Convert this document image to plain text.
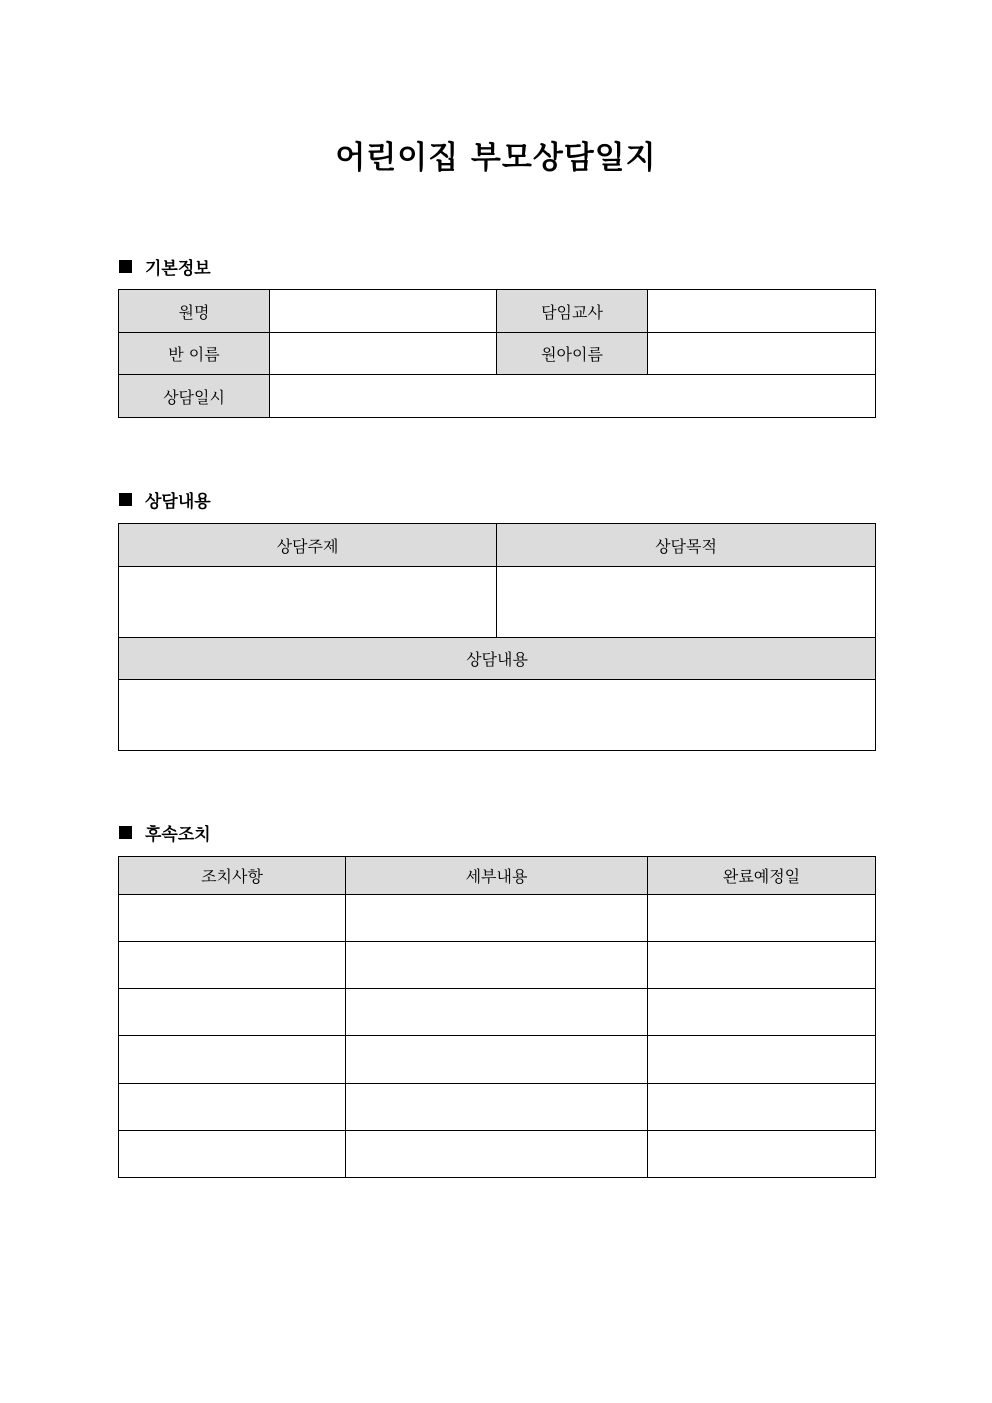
어린이집 부모상담일지
기본정보
원명		담임교사	
반 이름		원아이름	
상담일시			
상담내용
상담주제	상담목적

상담내용	

후속조치
조치사항	세부내용	완료예정일
